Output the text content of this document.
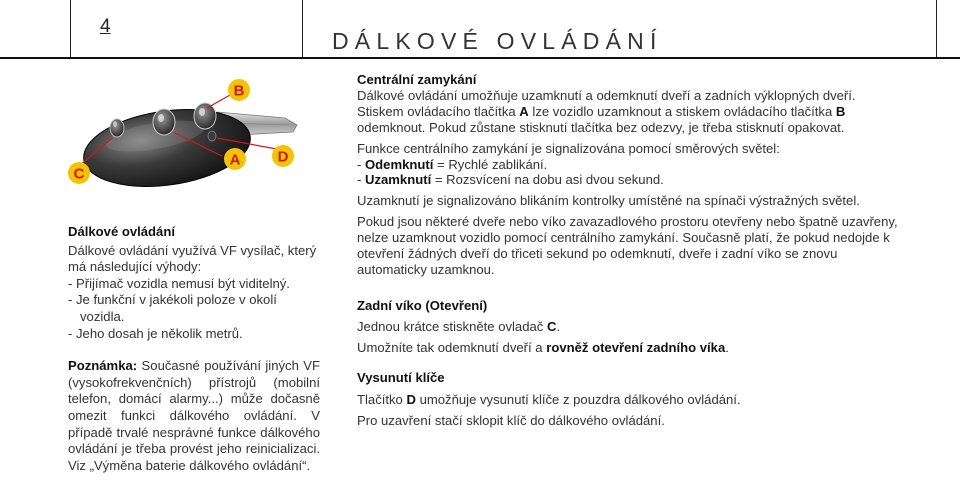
4
DÁLKOVÉ OVLÁDÁNÍ
B
A
C
D

Dálkové ovládání

Dálkové ovládání využívá VF vysílač, který má následující výhody:

- Přijímač vozidla nemusí být viditelný.
- Je funkční v jakékoli poloze v okolí vozidla.
- Jeho dosah je několik metrů.

Poznámka: Současné používání jiných VF (vysokofrekvenčních) přístrojů (mobilní telefon, domácí alarmy...) může dočasně omezit funkci dálkového ovládání. V případě trvalé nesprávné funkce dálkového ovládání je třeba provést jeho reinicializaci. Viz „Výměna baterie dálkového ovládání“.

Centrální zamykání

Dálkové ovládání umožňuje uzamknutí a odemknutí dveří a zadních výklopných dveří. Stiskem ovládacího tlačítka A lze vozidlo uzamknout a stiskem ovládacího tlačítka B odemknout. Pokud zůstane stisknutí tlačítka bez odezvy, je třeba stisknutí opakovat.

Funkce centrálního zamykání je signalizována pomocí směrových světel:

- Odemknutí = Rychlé zablikání.

- Uzamknutí = Rozsvícení na dobu asi dvou sekund.

Uzamknutí je signalizováno blikáním kontrolky umístěné na spínači výstražných světel.

Pokud jsou některé dveře nebo víko zavazadlového prostoru otevřeny nebo špatně uzavřeny, nelze uzamknout vozidlo pomocí centrálního zamykání. Současně platí, že pokud nedojde k otevření žádných dveří do třiceti sekund po odemknutí, dveře i zadní víko se znovu automaticky uzamknou.

Zadní víko (Otevření)

Jednou krátce stiskněte ovladač C.

Umožníte tak odemknutí dveří a rovněž otevření zadního víka.

Vysunutí klíče

Tlačítko D umožňuje vysunutí klíče z pouzdra dálkového ovládání.

Pro uzavření stačí sklopit klíč do dálkového ovládání.
